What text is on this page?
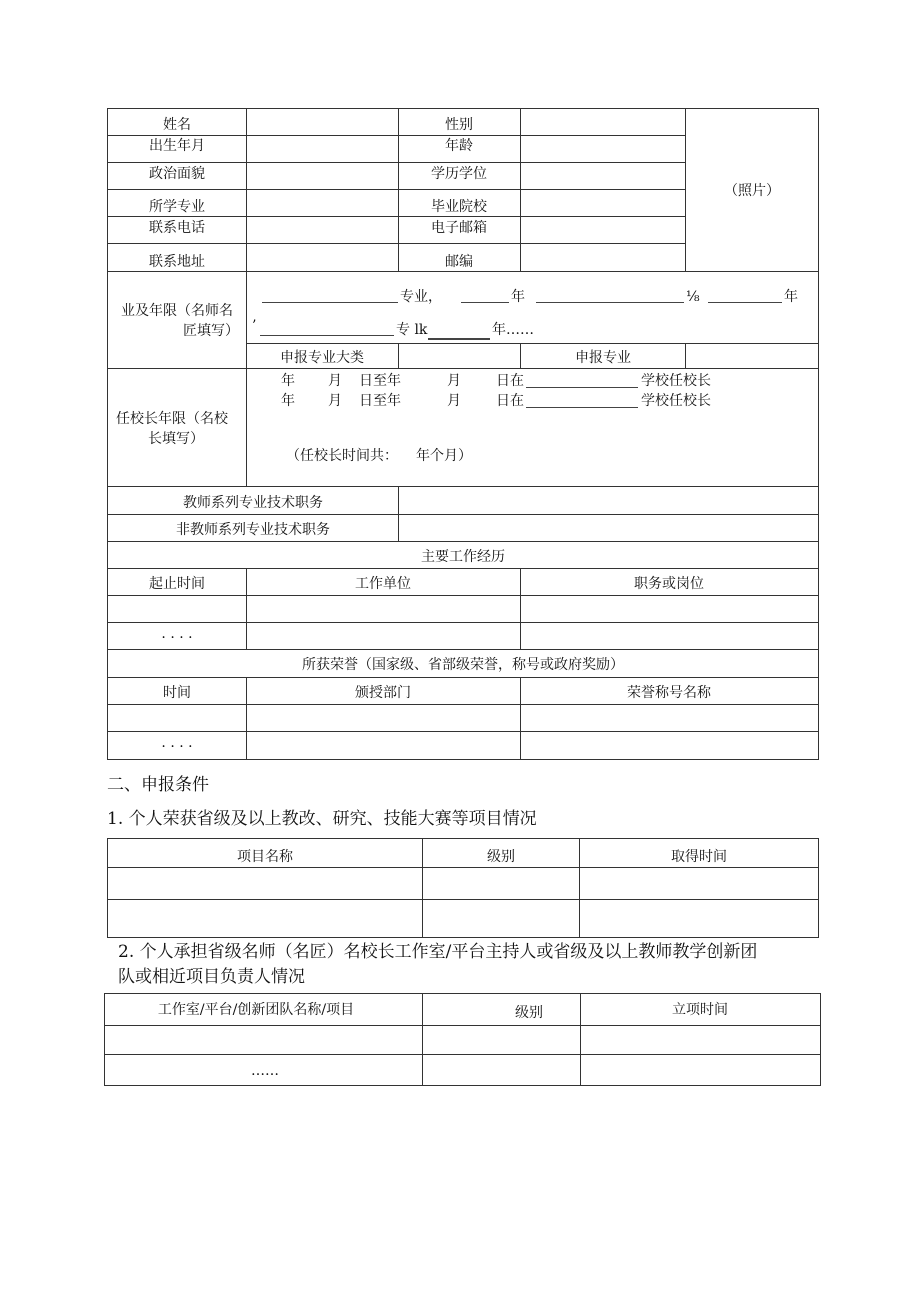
姓名	性别
出生年月	年龄
政治面貌	学历学位
所学专业	毕业院校
联系电话	电子邮箱
联系地址	邮编
（照片）
业及年限（名师名
匠填写）
专业，	年	⅛	年
’	专 lk	年……
申报专业大类	申报专业
任校长年限（名校
长填写）
年 月 日至年	月	日在	学校任校长
年 月 日至年	月	日在	学校任校长
（任校长时间共： 年个月）
教师系列专业技术职务
非教师系列专业技术职务
主要工作经历
起止时间	工作单位	职务或岗位
· · · ·
所获荣誉（国家级、省部级荣誉，称号或政府奖励）
时间	颁授部门	荣誉称号名称
· · · ·
二、申报条件
1. 个人荣获省级及以上教改、研究、技能大赛等项目情况
项目名称	级别	取得时间
2. 个人承担省级名师（名匠）名校长工作室/平台主持人或省级及以上教师教学创新团
队或相近项目负责人情况
工作室/平台/创新团队名称/项目	级别	立项时间
……
